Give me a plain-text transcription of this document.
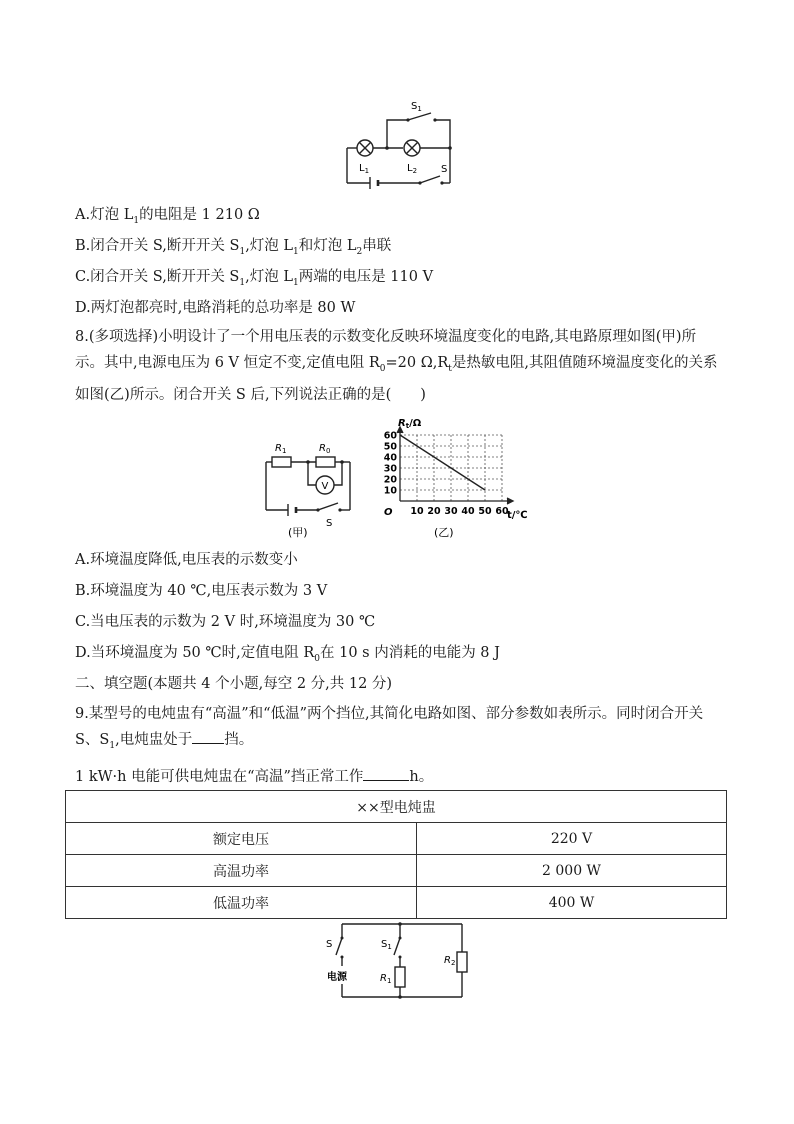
$S_1$
$L_1$	$L_2$ S
A.灯泡 $L_1$的电阻是 1 210 Ω
B.闭合开关 S,断开开关 $S_1$,灯泡 $L_1$和灯泡 $L_2$串联
C.闭合开关 S,断开开关 $S_1$,灯泡 $L_1$两端的电压是 110 V
D.两灯泡都亮时,电路消耗的总功率是 80 W
8.(多项选择)小明设计了一个用电压表的示数变化反映环境温度变化的电路,其电路原理如图(甲)所示。其中,电源电压为 6 V 恒定不变,定值电阻 $R_0=20$ $\Omega,R_t$是热敏电阻,其阻值随环境温度变化的关系如图(乙)所示。闭合开关 S 后,下列说法正确的是(　　)
$R_1$	$R_0$
V
S
(甲)
10
20
30
40
50
60
10 20 30 40 50 60
$R_t/\Omega$
t/℃
O
(乙)
A.环境温度降低,电压表的示数变小
B.环境温度为 40 ℃,电压表示数为 3 V
C.当电压表的示数为 2 V 时,环境温度为 30 ℃
D.当环境温度为 50 ℃时,定值电阻 $R_0$在 10 s 内消耗的电能为 8 J
二、填空题(本题共 4 个小题,每空 2 分,共 12 分)
9.某型号的电炖盅有“高温”和“低温”两个挡位,其简化电路如图、部分参数如表所示。同时闭合开关 S、$S_1$,电炖盅处于 挡。
1 kW·h 电能可供电炖盅在“高温”挡正常工作	h。
××型电炖盅	
额定电压	220 V
高温功率	2 000 W
低温功率	400 W
S	$S_1$
电源	$R_1$
$R_2$
